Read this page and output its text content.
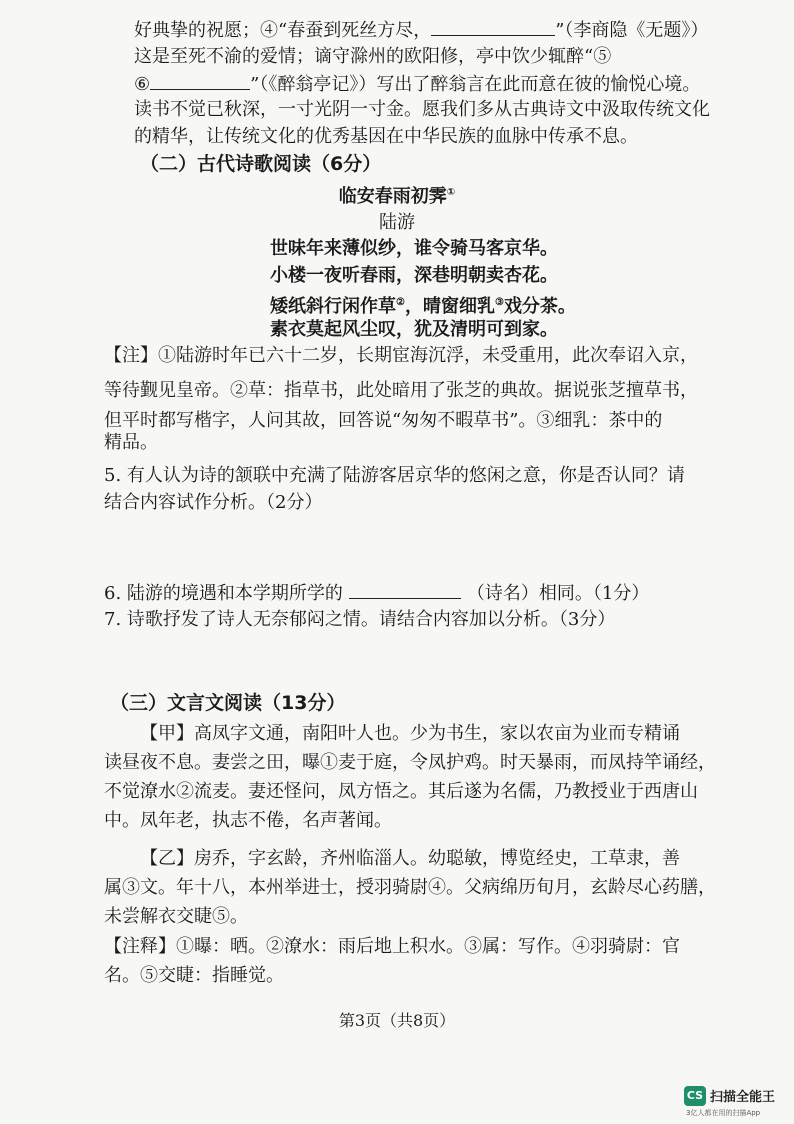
好典挚的祝愿；④“春蚕到死丝方尽，	”（李商隐《无题》）
这是至死不渝的爱情；谪守滁州的欧阳修，亭中饮少辄醉“⑤
⑥	”（《醉翁亭记》）写出了醉翁言在此而意在彼的愉悦心境。
读书不觉已秋深，一寸光阴一寸金。愿我们多从古典诗文中汲取传统文化
的精华，让传统文化的优秀基因在中华民族的血脉中传承不息。
（二）古代诗歌阅读（6分）
临安春雨初霁①
陆游
世味年来薄似纱，谁令骑马客京华。
小楼一夜听春雨，深巷明朝卖杏花。
矮纸斜行闲作草②，晴窗细乳③戏分茶。
素衣莫起风尘叹，犹及清明可到家。
【注】①陆游时年已六十二岁，长期宦海沉浮，未受重用，此次奉诏入京，
等待觐见皇帝。②草：指草书，此处暗用了张芝的典故。据说张芝擅草书，
但平时都写楷字，人问其故，回答说“匆匆不暇草书”。③细乳：茶中的
精品。
5. 有人认为诗的颔联中充满了陆游客居京华的悠闲之意，你是否认同？请
结合内容试作分析。（2分）
6. 陆游的境遇和本学期所学的	（诗名）相同。（1分）
7. 诗歌抒发了诗人无奈郁闷之情。请结合内容加以分析。（3分）
（三）文言文阅读（13分）
【甲】高凤字文通，南阳叶人也。少为书生，家以农亩为业而专精诵
读昼夜不息。妻尝之田，曝①麦于庭，令凤护鸡。时天暴雨，而凤持竿诵经，
不觉潦水②流麦。妻还怪问，凤方悟之。其后遂为名儒，乃教授业于西唐山
中。凤年老，执志不倦，名声著闻。
【乙】房乔，字玄龄，齐州临淄人。幼聪敏，博览经史，工草隶，善
属③文。年十八，本州举进士，授羽骑尉④。父病绵历旬月，玄龄尽心药膳，
未尝解衣交睫⑤。
【注释】①曝：晒。②潦水：雨后地上积水。③属：写作。④羽骑尉：官
名。⑤交睫：指睡觉。
第3页（共8页）
CS 扫描全能王
3亿人都在用的扫描App
